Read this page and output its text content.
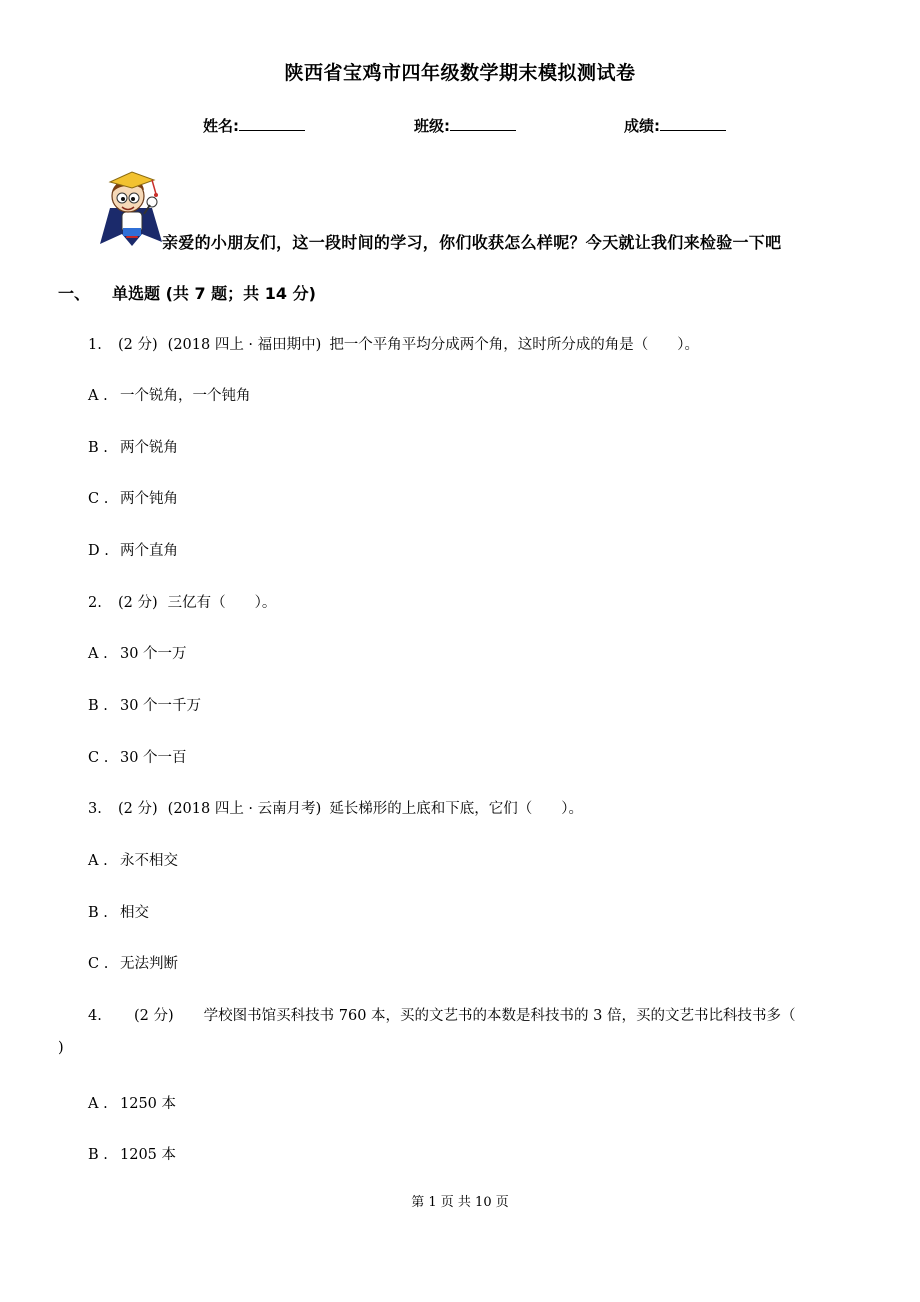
陕西省宝鸡市四年级数学期末模拟测试卷
姓名:	班级:	成绩:
亲爱的小朋友们，这一段时间的学习，你们收获怎么样呢？今天就让我们来检验一下吧
一、 单选题 (共 7 题；共 14 分)
1. (2 分) (2018 四上 · 福田期中) 把一个平角平均分成两个角，这时所分成的角是（　　）。
A . 一个锐角，一个钝角
B . 两个锐角
C . 两个钝角
D . 两个直角
2. (2 分) 三亿有（　　）。
A . 30 个一万
B . 30 个一千万
C . 30 个一百
3. (2 分) (2018 四上 · 云南月考) 延长梯形的上底和下底，它们（　　）。
A . 永不相交
B . 相交
C . 无法判断
4. (2 分) 学校图书馆买科技书 760 本，买的文艺书的本数是科技书的 3 倍，买的文艺书比科技书多（
)
A . 1250 本
B . 1205 本
第 1 页 共 10 页
